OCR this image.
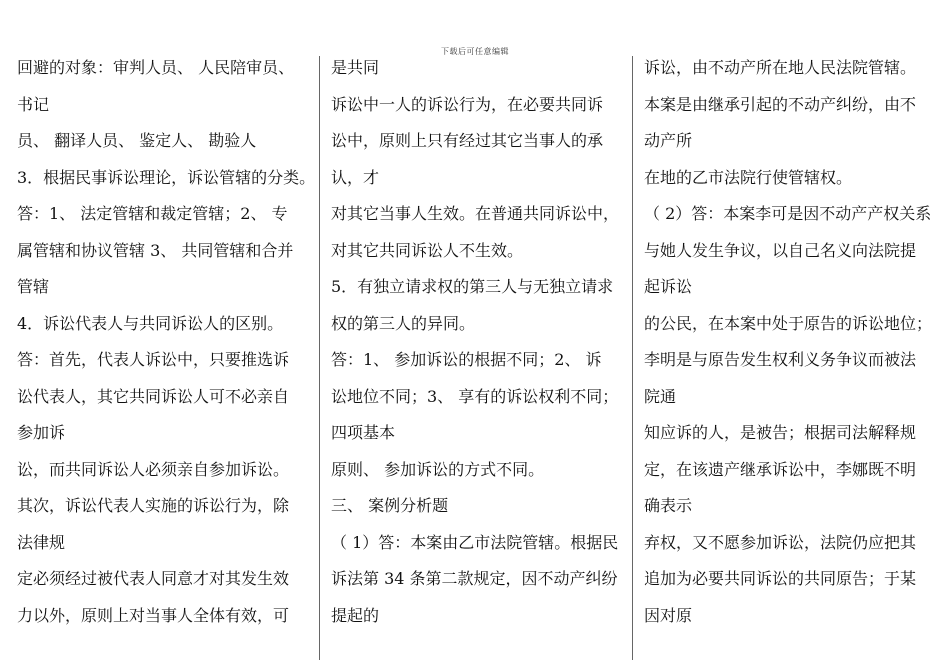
下载后可任意编辑
回避的对象：审判人员、 人民陪审员、
书记
员、 翻译人员、 鉴定人、 勘验人
3．根据民事诉讼理论，诉讼管辖的分类。
答：1、 法定管辖和裁定管辖；2、 专
属管辖和协议管辖 3、 共同管辖和合并
管辖
4．诉讼代表人与共同诉讼人的区别。
答：首先，代表人诉讼中，只要推选诉
讼代表人，其它共同诉讼人可不必亲自
参加诉
讼，而共同诉讼人必须亲自参加诉讼。
其次，诉讼代表人实施的诉讼行为，除
法律规
定必须经过被代表人同意才对其发生效
力以外，原则上对当事人全体有效，可
是共同
诉讼中一人的诉讼行为，在必要共同诉
讼中，原则上只有经过其它当事人的承
认，才
对其它当事人生效。在普通共同诉讼中，
对其它共同诉讼人不生效。
5．有独立请求权的第三人与无独立请求
权的第三人的异同。
答：1、 参加诉讼的根据不同；2、 诉
讼地位不同；3、 享有的诉讼权利不同；
四项基本
原则、 参加诉讼的方式不同。
三、 案例分析题
（ 1）答：本案由乙市法院管辖。根据民
诉法第 34 条第二款规定，因不动产纠纷
提起的
诉讼，由不动产所在地人民法院管辖。
本案是由继承引起的不动产纠纷，由不
动产所
在地的乙市法院行使管辖权。
（ 2）答：本案李可是因不动产产权关系
与她人发生争议，以自己名义向法院提
起诉讼
的公民，在本案中处于原告的诉讼地位；
李明是与原告发生权利义务争议而被法
院通
知应诉的人，是被告；根据司法解释规
定，在该遗产继承诉讼中，李娜既不明
确表示
弃权，又不愿参加诉讼，法院仍应把其
追加为必要共同诉讼的共同原告；于某
因对原
